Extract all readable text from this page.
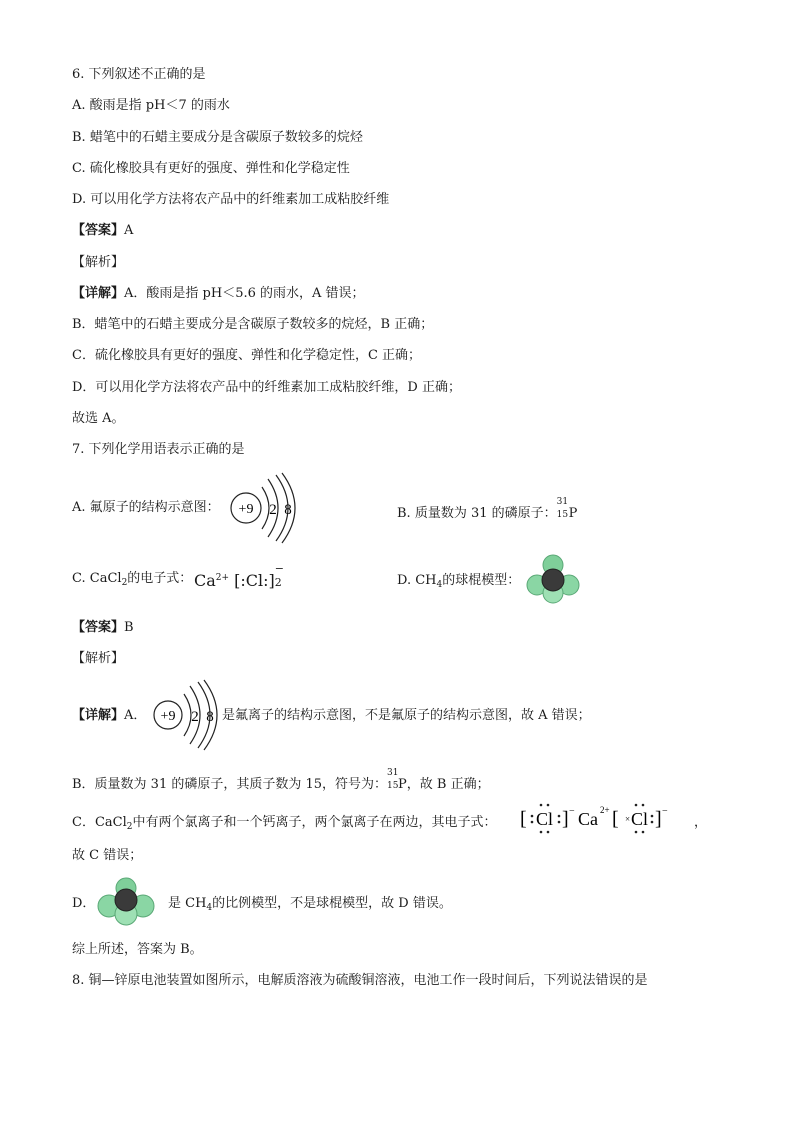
6. 下列叙述不正确的是
A. 酸雨是指 pH＜7 的雨水
B. 蜡笔中的石蜡主要成分是含碳原子数较多的烷烃
C. 硫化橡胶具有更好的强度、弹性和化学稳定性
D. 可以用化学方法将农产品中的纤维素加工成粘胶纤维
【答案】A
【解析】
【详解】A．酸雨是指 pH＜5.6 的雨水，A 错误；
B．蜡笔中的石蜡主要成分是含碳原子数较多的烷烃，B 正确；
C．硫化橡胶具有更好的强度、弹性和化学稳定性，C 正确；
D．可以用化学方法将农产品中的纤维素加工成粘胶纤维，D 正确；
故选 A。
7. 下列化学用语表示正确的是
A. 氟原子的结构示意图： +9 2 8	B. 质量数为 31 的磷原子：
31
15 P
C. CaCl$_2$的电子式： $Ca^{2+}$ [:Cl:]
−
2	D. $CH_4$的球棍模型：
【答案】B
【解析】
【详解】A． +9 2 8 是氟离子的结构示意图，不是氟原子的结构示意图，故 A 错误；
B．质量数为 31 的磷原子，其质子数为 15，符号为：
31
15 P，故 B 正确；
C．CaCl$_2$中有两个氯离子和一个钙离子，两个氯离子在两边，其电子式： [ Cl ] − Ca 2+ [ × Cl ] −
，
故 C 错误；
D．	是 $CH_4$的比例模型，不是球棍模型，故 D 错误。
综上所述，答案为 B。
8. 铜—锌原电池装置如图所示，电解质溶液为硫酸铜溶液，电池工作一段时间后，下列说法错误的是
